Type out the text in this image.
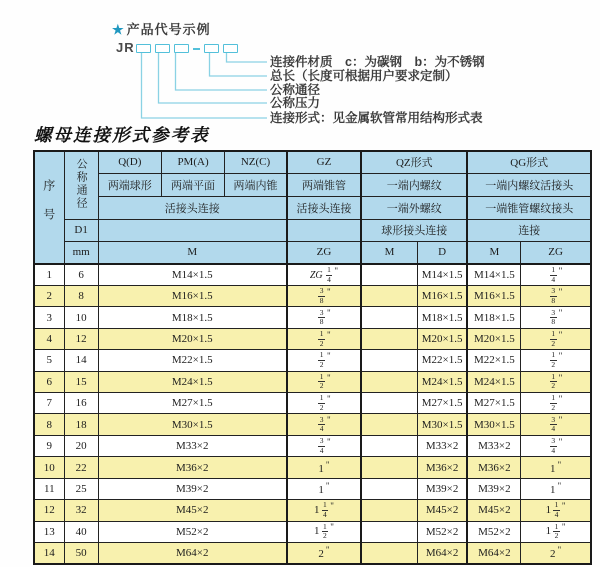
★ 产品代号示例
JR
连接件材质　c：为碳钢　b：为不锈钢
总长（长度可根据用户要求定制）
公称通径
公称压力
连接形式：见金属软管常用结构形式表
螺母连接形式参考表
序号	公称通径	Q(D)	PM(A)	NZ(C)	GZ	QZ形式		QG形式	
		两端球形	两端平面	两端内锥	两端锥管	一端内螺纹		一端内螺纹活接头	
		活接头连接			活接头连接	一端外螺纹		一端锥管螺纹接头	
	D1					球形接头连接		连接	
	mm	M			ZG	M	D	M	ZG
1	6	M14×1.5			ZG $\frac{1}{4} ^"$		M14×1.5	M14×1.5	$\frac{1}{4} ^"$
2	8	M16×1.5			$\frac{3}{8} ^"$		M16×1.5	M16×1.5	$\frac{3}{8} ^"$
3	10	M18×1.5			$\frac{3}{8} ^"$		M18×1.5	M18×1.5	$\frac{3}{8} ^"$
4	12	M20×1.5			$\frac{1}{2} ^"$		M20×1.5	M20×1.5	$\frac{1}{2} ^"$
5	14	M22×1.5			$\frac{1}{2} ^"$		M22×1.5	M22×1.5	$\frac{1}{2} ^"$
6	15	M24×1.5			$\frac{1}{2} ^"$		M24×1.5	M24×1.5	$\frac{1}{2} ^"$
7	16	M27×1.5			$\frac{1}{2} ^"$		M27×1.5	M27×1.5	$\frac{1}{2} ^"$
8	18	M30×1.5			$\frac{3}{4} ^"$		M30×1.5	M30×1.5	$\frac{3}{4} ^"$
9	20	M33×2			$\frac{3}{4} ^"$		M33×2	M33×2	$\frac{3}{4} ^"$
10	22	M36×2			1 "		M36×2	M36×2	1 "
11	25	M39×2			1 "		M39×2	M39×2	1 "
12	32	M45×2			$1 \frac{1}{4} ^"$		M45×2	M45×2	$1 \frac{1}{4} ^"$
13	40	M52×2			$1 \frac{1}{2} ^"$		M52×2	M52×2	$1 \frac{1}{2} ^"$
14	50	M64×2			2 "		M64×2	M64×2	2 "
